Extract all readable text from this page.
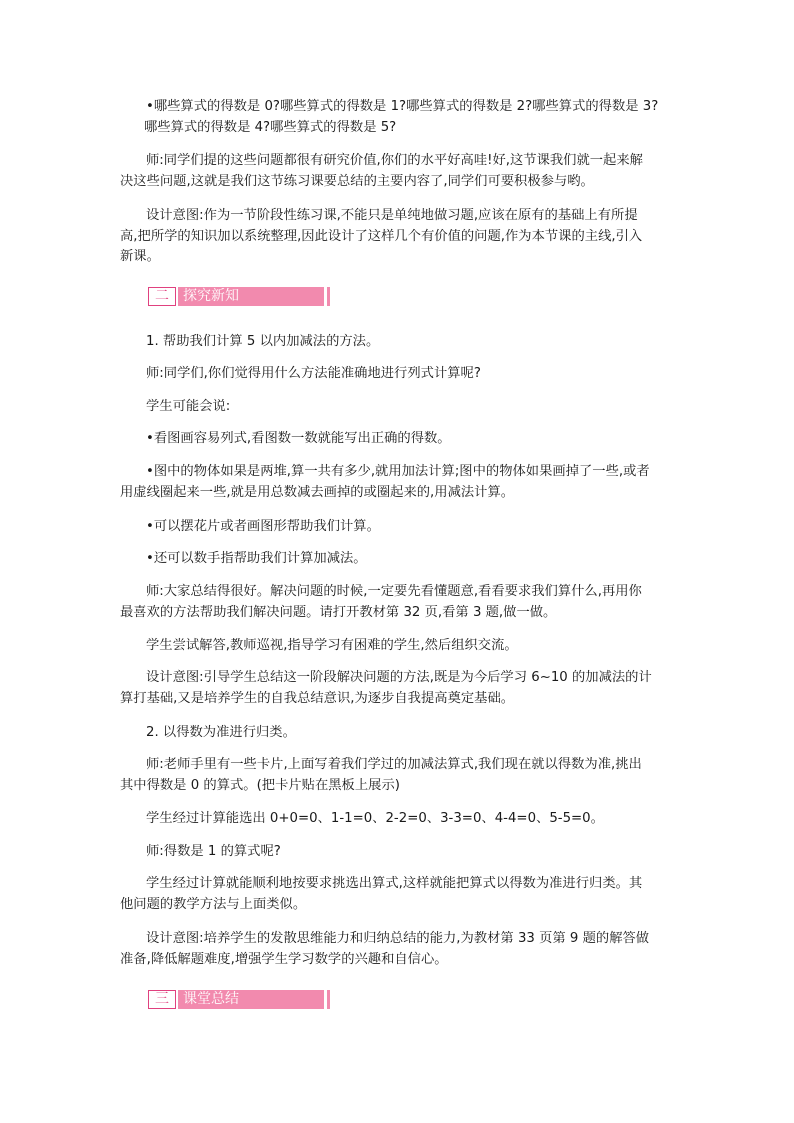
•哪些算式的得数是 0?哪些算式的得数是 1?哪些算式的得数是 2?哪些算式的得数是 3?
哪些算式的得数是 4?哪些算式的得数是 5?

师:同学们提的这些问题都很有研究价值,你们的水平好高哇!好,这节课我们就一起来解
决这些问题,这就是我们这节练习课要总结的主要内容了,同学们可要积极参与哟。

设计意图:作为一节阶段性练习课,不能只是单纯地做习题,应该在原有的基础上有所提
高,把所学的知识加以系统整理,因此设计了这样几个有价值的问题,作为本节课的主线,引入
新课。

二	探究新知

1. 帮助我们计算 5 以内加减法的方法。

师:同学们,你们觉得用什么方法能准确地进行列式计算呢?

学生可能会说:

•看图画容易列式,看图数一数就能写出正确的得数。

•图中的物体如果是两堆,算一共有多少,就用加法计算;图中的物体如果画掉了一些,或者
用虚线圈起来一些,就是用总数减去画掉的或圈起来的,用减法计算。

•可以摆花片或者画图形帮助我们计算。

•还可以数手指帮助我们计算加减法。

师:大家总结得很好。解决问题的时候,一定要先看懂题意,看看要求我们算什么,再用你
最喜欢的方法帮助我们解决问题。请打开教材第 32 页,看第 3 题,做一做。

学生尝试解答,教师巡视,指导学习有困难的学生,然后组织交流。

设计意图:引导学生总结这一阶段解决问题的方法,既是为今后学习 6~10 的加减法的计
算打基础,又是培养学生的自我总结意识,为逐步自我提高奠定基础。

2. 以得数为准进行归类。

师:老师手里有一些卡片,上面写着我们学过的加减法算式,我们现在就以得数为准,挑出
其中得数是 0 的算式。(把卡片贴在黑板上展示)

学生经过计算能选出 0+0=0、1-1=0、2-2=0、3-3=0、4-4=0、5-5=0。

师:得数是 1 的算式呢?

学生经过计算就能顺利地按要求挑选出算式,这样就能把算式以得数为准进行归类。其
他问题的教学方法与上面类似。

设计意图:培养学生的发散思维能力和归纳总结的能力,为教材第 33 页第 9 题的解答做
准备,降低解题难度,增强学生学习数学的兴趣和自信心。

三	课堂总结
